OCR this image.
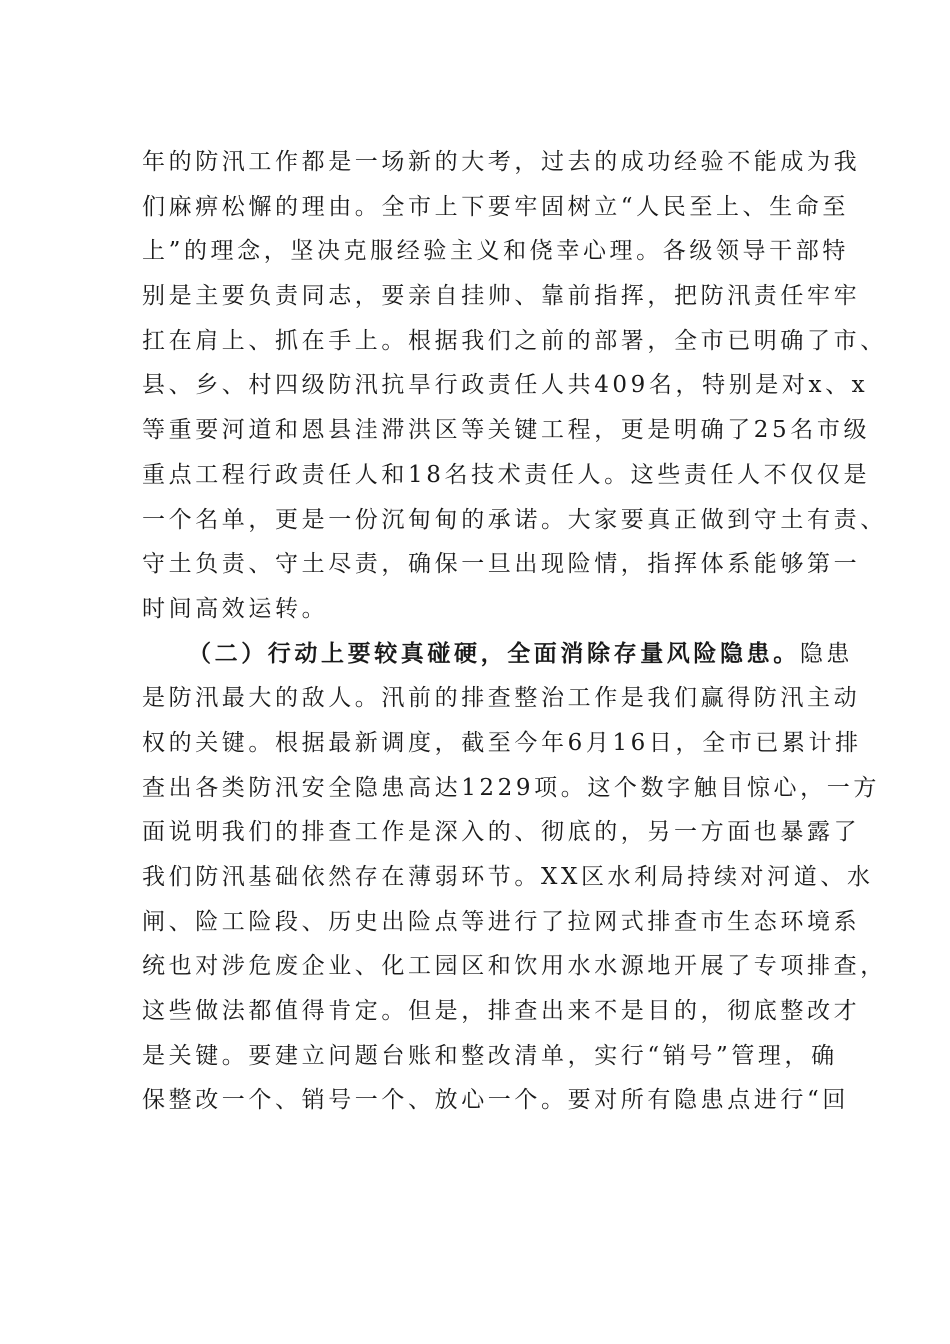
年的防汛工作都是一场新的大考，过去的成功经验不能成为我
们麻痹松懈的理由。全市上下要牢固树立“人民至上、生命至
上”的理念，坚决克服经验主义和侥幸心理。各级领导干部特
别是主要负责同志，要亲自挂帅、靠前指挥，把防汛责任牢牢
扛在肩上、抓在手上。根据我们之前的部署，全市已明确了市、
县、乡、村四级防汛抗旱行政责任人共409名，特别是对x、x
等重要河道和恩县洼滞洪区等关键工程，更是明确了25名市级
重点工程行政责任人和18名技术责任人。这些责任人不仅仅是
一个名单，更是一份沉甸甸的承诺。大家要真正做到守土有责、
守土负责、守土尽责，确保一旦出现险情，指挥体系能够第一
时间高效运转。
（二）行动上要较真碰硬，全面消除存量风险隐患。隐患
是防汛最大的敌人。汛前的排查整治工作是我们赢得防汛主动
权的关键。根据最新调度，截至今年6月16日，全市已累计排
查出各类防汛安全隐患高达1229项。这个数字触目惊心，一方
面说明我们的排查工作是深入的、彻底的，另一方面也暴露了
我们防汛基础依然存在薄弱环节。XX区水利局持续对河道、水
闸、险工险段、历史出险点等进行了拉网式排查市生态环境系
统也对涉危废企业、化工园区和饮用水水源地开展了专项排查，
这些做法都值得肯定。但是，排查出来不是目的，彻底整改才
是关键。要建立问题台账和整改清单，实行“销号”管理，确
保整改一个、销号一个、放心一个。要对所有隐患点进行“回
